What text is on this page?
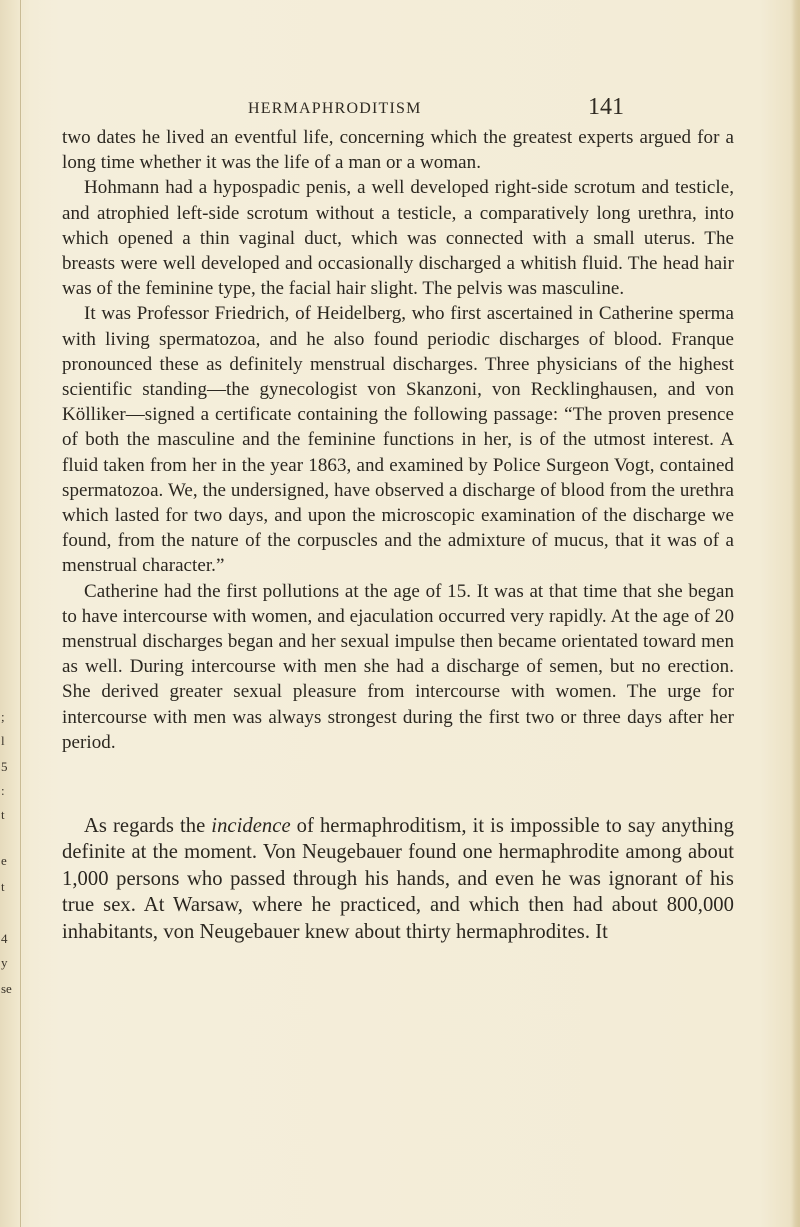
;
l
5
:
t
e
t
4
y
se
HERMAPHRODITISM	141

two dates he lived an eventful life, concerning which the greatest experts argued for a long time whether it was the life of a man or a woman.

Hohmann had a hypospadic penis, a well developed right-side scrotum and testicle, and atrophied left-side scrotum without a testicle, a comparatively long urethra, into which opened a thin vaginal duct, which was connected with a small uterus. The breasts were well developed and occasionally discharged a whitish fluid. The head hair was of the feminine type, the facial hair slight. The pelvis was masculine.

It was Professor Friedrich, of Heidelberg, who first ascertained in Catherine sperma with living spermatozoa, and he also found periodic discharges of blood. Franque pronounced these as definitely menstrual discharges. Three physicians of the highest scientific standing—the gynecologist von Skanzoni, von Recklinghausen, and von Kölliker—signed a certificate containing the following passage: “The proven presence of both the masculine and the feminine functions in her, is of the utmost interest. A fluid taken from her in the year 1863, and examined by Police Surgeon Vogt, contained spermatozoa. We, the undersigned, have observed a discharge of blood from the urethra which lasted for two days, and upon the microscopic examination of the discharge we found, from the nature of the corpuscles and the admixture of mucus, that it was of a menstrual character.”

Catherine had the first pollutions at the age of 15. It was at that time that she began to have intercourse with women, and ejaculation occurred very rapidly. At the age of 20 menstrual discharges began and her sexual impulse then became orientated toward men as well. During intercourse with men she had a discharge of semen, but no erection. She derived greater sexual pleasure from intercourse with women. The urge for intercourse with men was always strongest during the first two or three days after her period.

As regards the incidence of hermaphroditism, it is impossible to say anything definite at the moment. Von Neugebauer found one hermaphrodite among about 1,000 persons who passed through his hands, and even he was ignorant of his true sex. At Warsaw, where he practiced, and which then had about 800,000 inhabitants, von Neugebauer knew about thirty hermaphrodites. It
